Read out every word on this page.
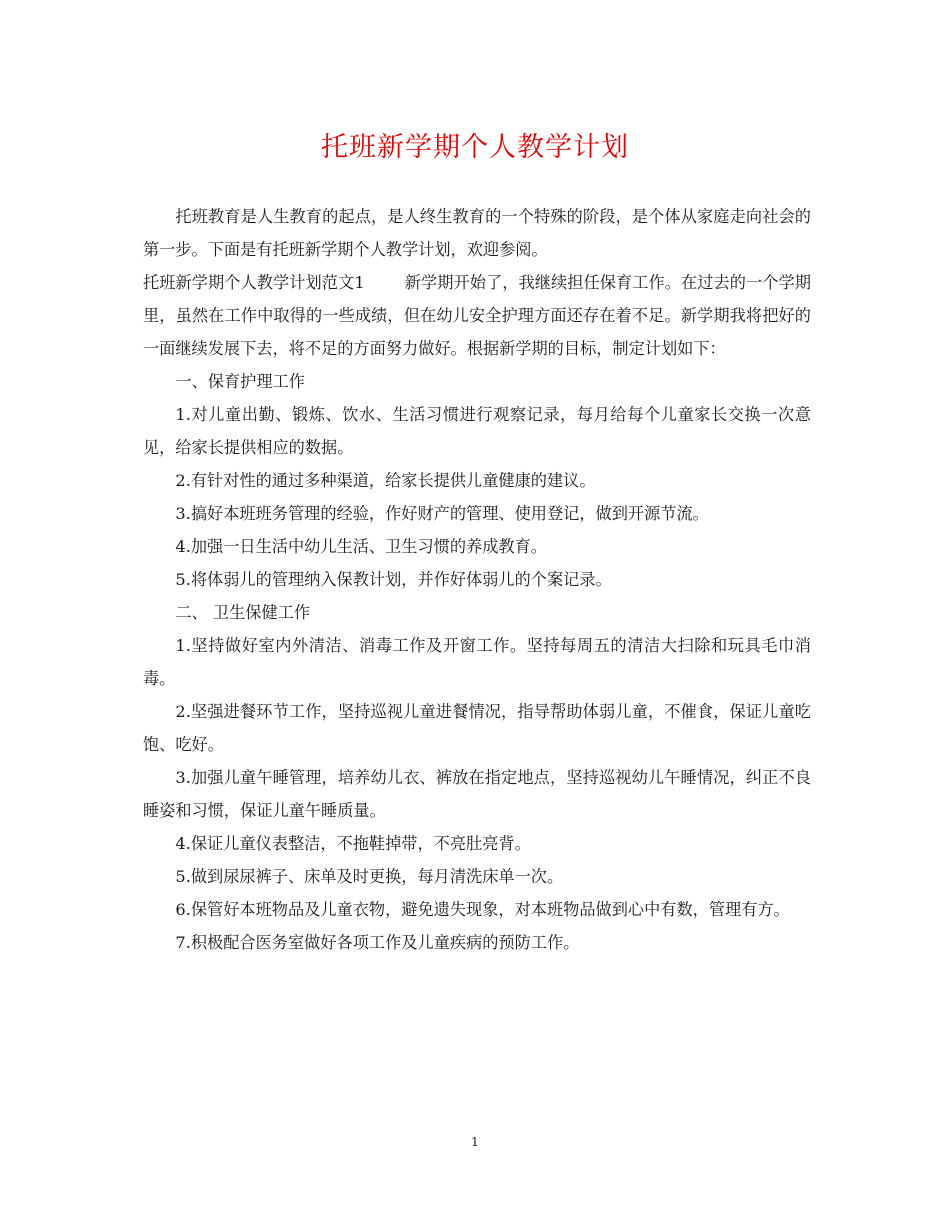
托班新学期个人教学计划

托班教育是人生教育的起点，是人终生教育的一个特殊的阶段，是个体从家庭走向社会的第一步。下面是有托班新学期个人教学计划，欢迎参阅。

托班新学期个人教学计划范文1 新学期开始了，我继续担任保育工作。在过去的一个学期里，虽然在工作中取得的一些成绩，但在幼儿安全护理方面还存在着不足。新学期我将把好的一面继续发展下去，将不足的方面努力做好。根据新学期的目标，制定计划如下：

一、保育护理工作

1.对儿童出勤、锻炼、饮水、生活习惯进行观察记录，每月给每个儿童家长交换一次意见，给家长提供相应的数据。

2.有针对性的通过多种渠道，给家长提供儿童健康的建议。

3.搞好本班班务管理的经验，作好财产的管理、使用登记，做到开源节流。

4.加强一日生活中幼儿生活、卫生习惯的养成教育。

5.将体弱儿的管理纳入保教计划，并作好体弱儿的个案记录。

二、 卫生保健工作

1.坚持做好室内外清洁、消毒工作及开窗工作。坚持每周五的清洁大扫除和玩具毛巾消毒。

2.坚强进餐环节工作，坚持巡视儿童进餐情况，指导帮助体弱儿童，不催食，保证儿童吃饱、吃好。

3.加强儿童午睡管理，培养幼儿衣、裤放在指定地点，坚持巡视幼儿午睡情况，纠正不良睡姿和习惯，保证儿童午睡质量。

4.保证儿童仪表整洁，不拖鞋掉带，不亮肚亮背。

5.做到尿尿裤子、床单及时更换，每月清洗床单一次。

6.保管好本班物品及儿童衣物，避免遗失现象，对本班物品做到心中有数，管理有方。

7.积极配合医务室做好各项工作及儿童疾病的预防工作。

1
